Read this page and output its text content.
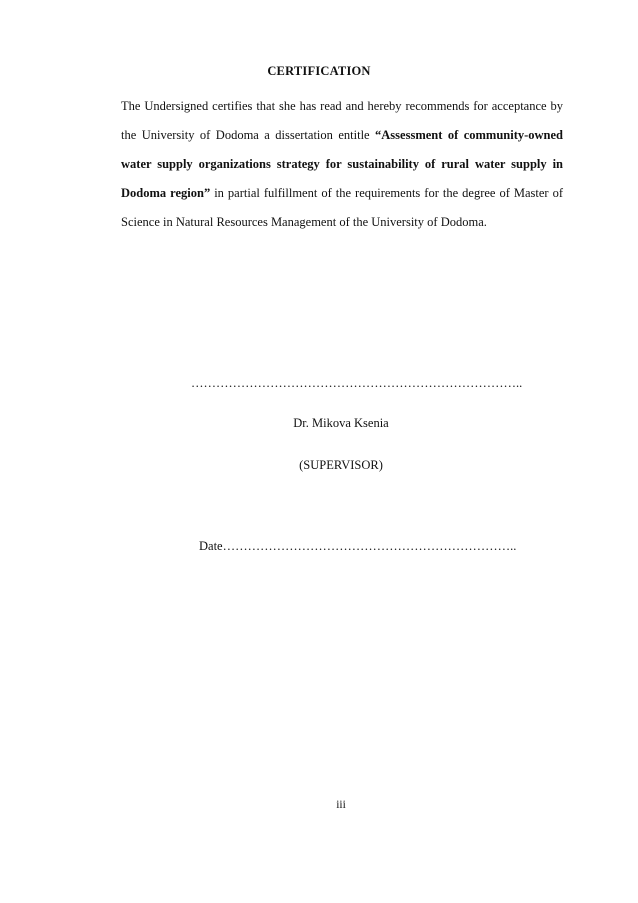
CERTIFICATION
The Undersigned certifies that she has read and hereby recommends for acceptance by the University of Dodoma a dissertation entitle “Assessment of community-owned water supply organizations strategy for sustainability of rural water supply in Dodoma region” in partial fulfillment of the requirements for the degree of Master of Science in Natural Resources Management of the University of Dodoma.
……………………………………………………………………..
Dr. Mikova Ksenia
(SUPERVISOR)
Date……………………………………………………………..
iii
